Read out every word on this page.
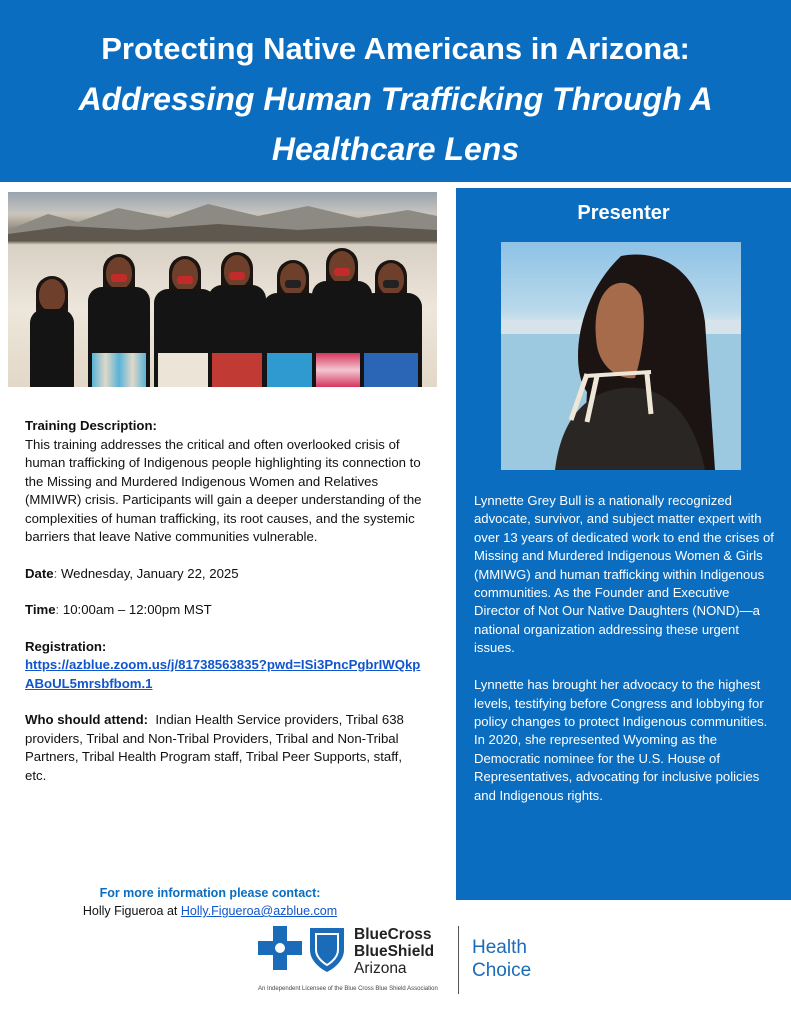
Protecting Native Americans in Arizona:
Addressing Human Trafficking Through A Healthcare Lens

Training Description:
This training addresses the critical and often overlooked crisis of human trafficking of Indigenous people highlighting its connection to the Missing and Murdered Indigenous Women and Relatives (MMIWR) crisis. Participants will gain a deeper understanding of the complexities of human trafficking, its root causes, and the systemic barriers that leave Native communities vulnerable.

Date: Wednesday, January 22, 2025

Time: 10:00am – 12:00pm MST

Registration:
https://azblue.zoom.us/j/81738563835?pwd=ISi3PncPgbrIWQkpABoUL5mrsbfbom.1

Who should attend: Indian Health Service providers, Tribal 638 providers, Tribal and Non-Tribal Providers, Tribal and Non-Tribal Partners, Tribal Health Program staff, Tribal Peer Supports, staff, etc.

Presenter

Lynnette Grey Bull is a nationally recognized advocate, survivor, and subject matter expert with over 13 years of dedicated work to end the crises of Missing and Murdered Indigenous Women & Girls (MMIWG) and human trafficking within Indigenous communities. As the Founder and Executive Director of Not Our Native Daughters (NOND)—a national organization addressing these urgent issues.

Lynnette has brought her advocacy to the highest levels, testifying before Congress and lobbying for policy changes to protect Indigenous communities. In 2020, she represented Wyoming as the Democratic nominee for the U.S. House of Representatives, advocating for inclusive policies and Indigenous rights.

For more information please contact:
Holly Figueroa at Holly.Figueroa@azblue.com
BlueCross
BlueShield
Arizona
Health
Choice
An Independent Licensee of the Blue Cross Blue Shield Association
